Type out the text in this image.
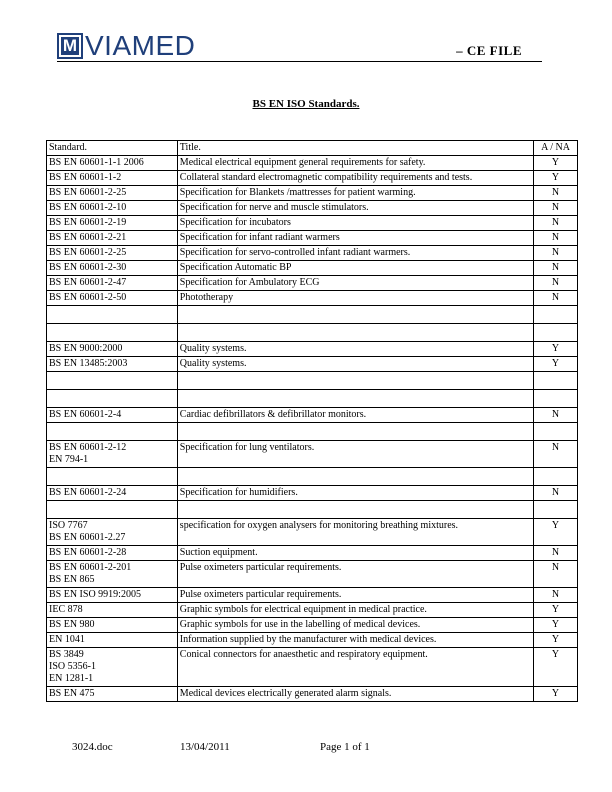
M VIAMED	– CE FILE
BS EN ISO Standards.
Standard.	Title.	A / NA

BS EN 60601-1-1 2006	Medical electrical equipment general requirements for safety.	Y

BS EN 60601-1-2	Collateral standard electromagnetic compatibility requirements and tests.	Y

BS EN 60601-2-25	Specification for Blankets /mattresses for patient warming.	N

BS EN 60601-2-10	Specification for nerve and muscle stimulators.	N

BS EN 60601-2-19	Specification for incubators	N

BS EN 60601-2-21	Specification for infant radiant warmers	N

BS EN 60601-2-25	Specification for servo-controlled infant radiant warmers.	N

BS EN 60601-2-30	Specification Automatic BP	N

BS EN 60601-2-47	Specification for Ambulatory ECG	N

BS EN 60601-2-50	Phototherapy	N

BS EN 9000:2000	Quality systems.	Y

BS EN 13485:2003	Quality systems.	Y

BS EN 60601-2-4	Cardiac defibrillators & defibrillator monitors.	N

BS EN 60601-2-12
EN 794-1	Specification for lung ventilators.	N

BS EN 60601-2-24	Specification for humidifiers.	N

ISO 7767
BS EN 60601-2.27	specification for oxygen analysers for monitoring breathing mixtures.	Y

BS EN 60601-2-28	Suction equipment.	N

BS EN 60601-2-201
BS EN 865	Pulse oximeters particular requirements.	N

BS EN ISO 9919:2005	Pulse oximeters particular requirements.	N

IEC 878	Graphic symbols for electrical equipment in medical practice.	Y

BS EN 980	Graphic symbols for use in the labelling of medical devices.	Y

EN 1041	Information supplied by the manufacturer with medical devices.	Y

BS 3849
ISO 5356-1
EN 1281-1	Conical connectors for anaesthetic and respiratory equipment.	Y

BS EN 475	Medical devices electrically generated alarm signals.	Y
3024.doc	13/04/2011	Page 1 of 1
